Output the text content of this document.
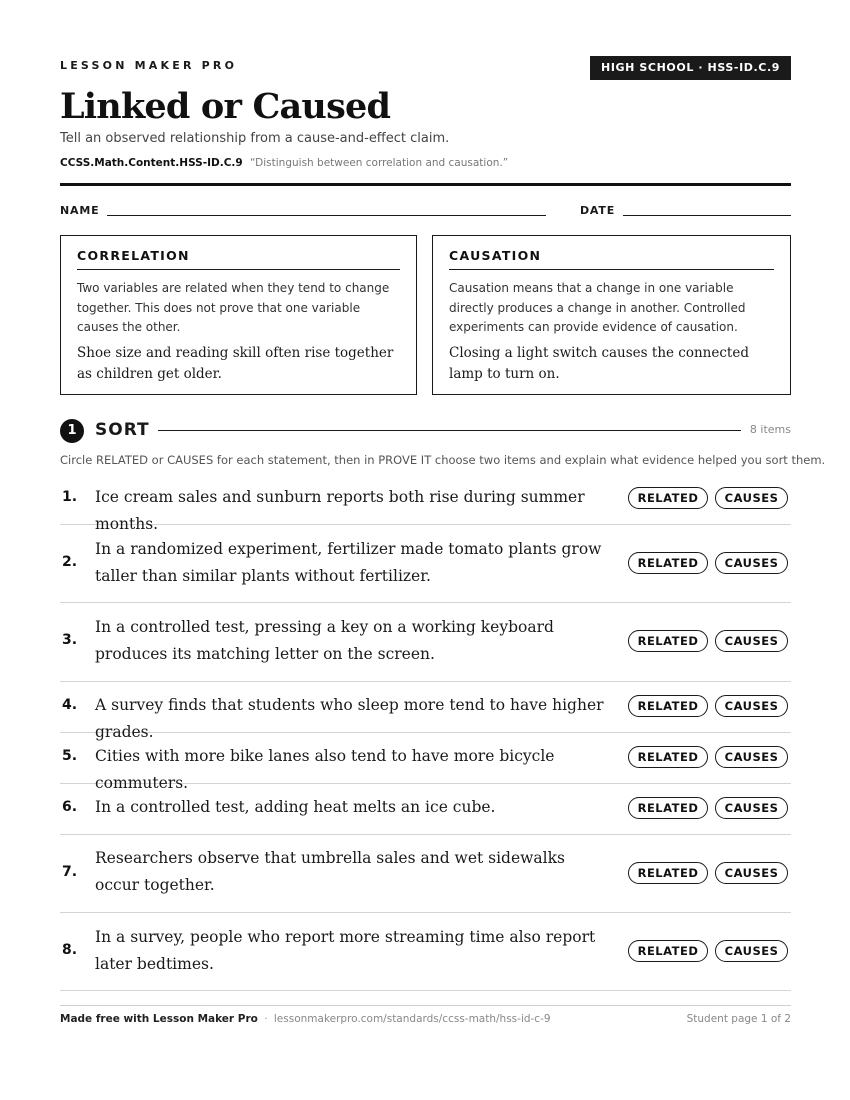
LESSON MAKER PRO	HIGH SCHOOL · HSS-ID.C.9
Linked or Caused
Tell an observed relationship from a cause-and-effect claim.
CCSS.Math.Content.HSS-ID.C.9 “Distinguish between correlation and causation.”
NAME	DATE
CORRELATION
Two variables are related when they tend to change together. This does not prove that one variable causes the other.
Shoe size and reading skill often rise together as children get older.
CAUSATION
Causation means that a change in one variable directly produces a change in another. Controlled experiments can provide evidence of causation.
Closing a light switch causes the connected lamp to turn on.
1	SORT	8 items
Circle RELATED or CAUSES for each statement, then in PROVE IT choose two items and explain what evidence helped you sort them.
1. Ice cream sales and sunburn reports both rise during summer months.
RELATED	CAUSES
2.
In a randomized experiment, fertilizer made tomato plants grow taller than similar plants without fertilizer.
RELATED	CAUSES
3.
In a controlled test, pressing a key on a working keyboard produces its matching letter on the screen.
RELATED	CAUSES
4. A survey finds that students who sleep more tend to have higher grades.
RELATED	CAUSES
5. Cities with more bike lanes also tend to have more bicycle commuters.
RELATED	CAUSES
6. In a controlled test, adding heat melts an ice cube.	RELATED	CAUSES
7.
Researchers observe that umbrella sales and wet sidewalks occur together.
RELATED	CAUSES
8.
In a survey, people who report more streaming time also report later bedtimes.
RELATED	CAUSES
Made free with Lesson Maker Pro · lessonmakerpro.com/standards/ccss-math/hss-id-c-9	Student page 1 of 2
